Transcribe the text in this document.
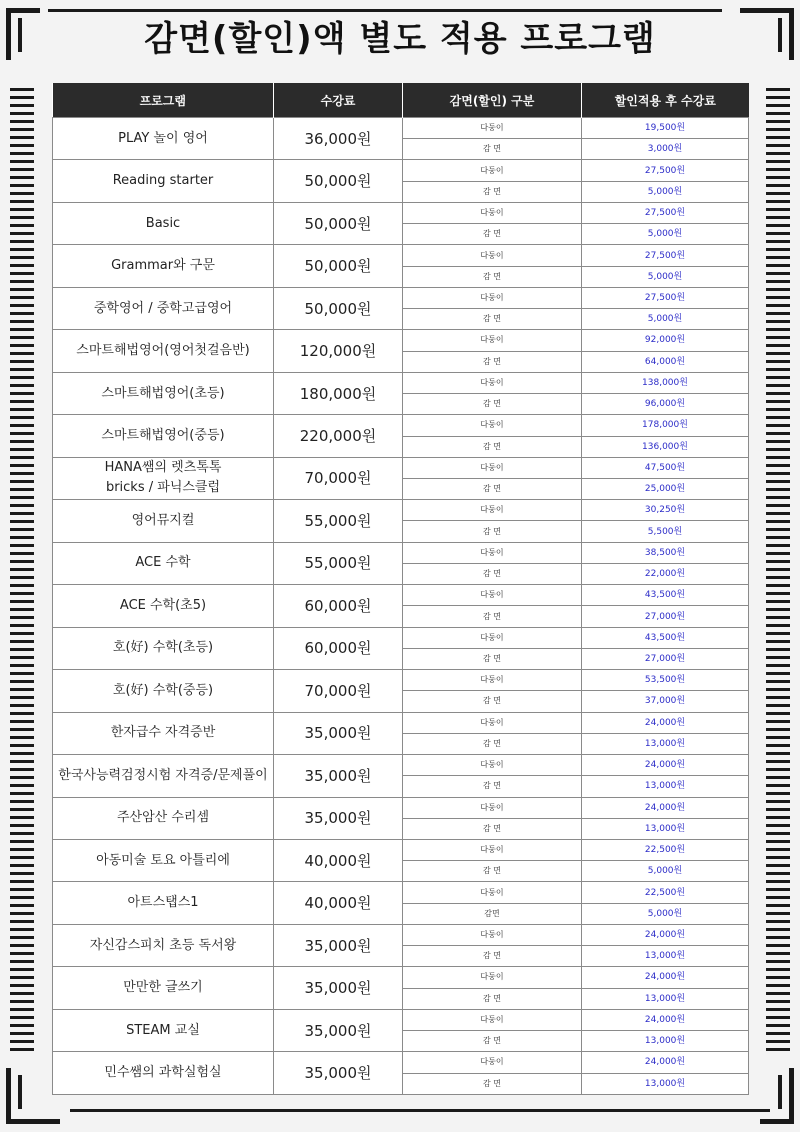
감면(할인)액 별도 적용 프로그램
프로그램	수강료	감면(할인) 구분	할인적용 후 수강료
PLAY 놀이 영어	36,000원	다둥이	19,500원
		감 면	3,000원
Reading starter	50,000원	다둥이	27,500원
		감 면	5,000원
Basic	50,000원	다둥이	27,500원
		감 면	5,000원
Grammar와 구문	50,000원	다둥이	27,500원
		감 면	5,000원
중학영어 / 중학고급영어	50,000원	다둥이	27,500원
		감 면	5,000원
스마트해법영어(영어첫걸음반)	120,000원	다둥이	92,000원
		감 면	64,000원
스마트해법영어(초등)	180,000원	다둥이	138,000원
		감 면	96,000원
스마트해법영어(중등)	220,000원	다둥이	178,000원
		감 면	136,000원
HANA쌤의 렛츠톡톡
bricks / 파닉스클럽	70,000원	다둥이	47,500원
		감 면	25,000원
영어뮤지컬	55,000원	다둥이	30,250원
		감 면	5,500원
ACE 수학	55,000원	다둥이	38,500원
		감 면	22,000원
ACE 수학(초5)	60,000원	다둥이	43,500원
		감 면	27,000원
호(好) 수학(초등)	60,000원	다둥이	43,500원
		감 면	27,000원
호(好) 수학(중등)	70,000원	다둥이	53,500원
		감 면	37,000원
한자급수 자격증반	35,000원	다둥이	24,000원
		감 면	13,000원
한국사능력검정시험 자격증/문제풀이	35,000원	다둥이	24,000원
		감 면	13,000원
주산암산 수리셈	35,000원	다둥이	24,000원
		감 면	13,000원
아동미술 토요 아틀리에	40,000원	다둥이	22,500원
		감 면	5,000원
아트스탭스1	40,000원	다둥이	22,500원
		감면	5,000원
자신감스피치 초등 독서왕	35,000원	다둥이	24,000원
		감 면	13,000원
만만한 글쓰기	35,000원	다둥이	24,000원
		감 면	13,000원
STEAM 교실	35,000원	다둥이	24,000원
		감 면	13,000원
민수쌤의 과학실험실	35,000원	다둥이	24,000원
		감 면	13,000원
